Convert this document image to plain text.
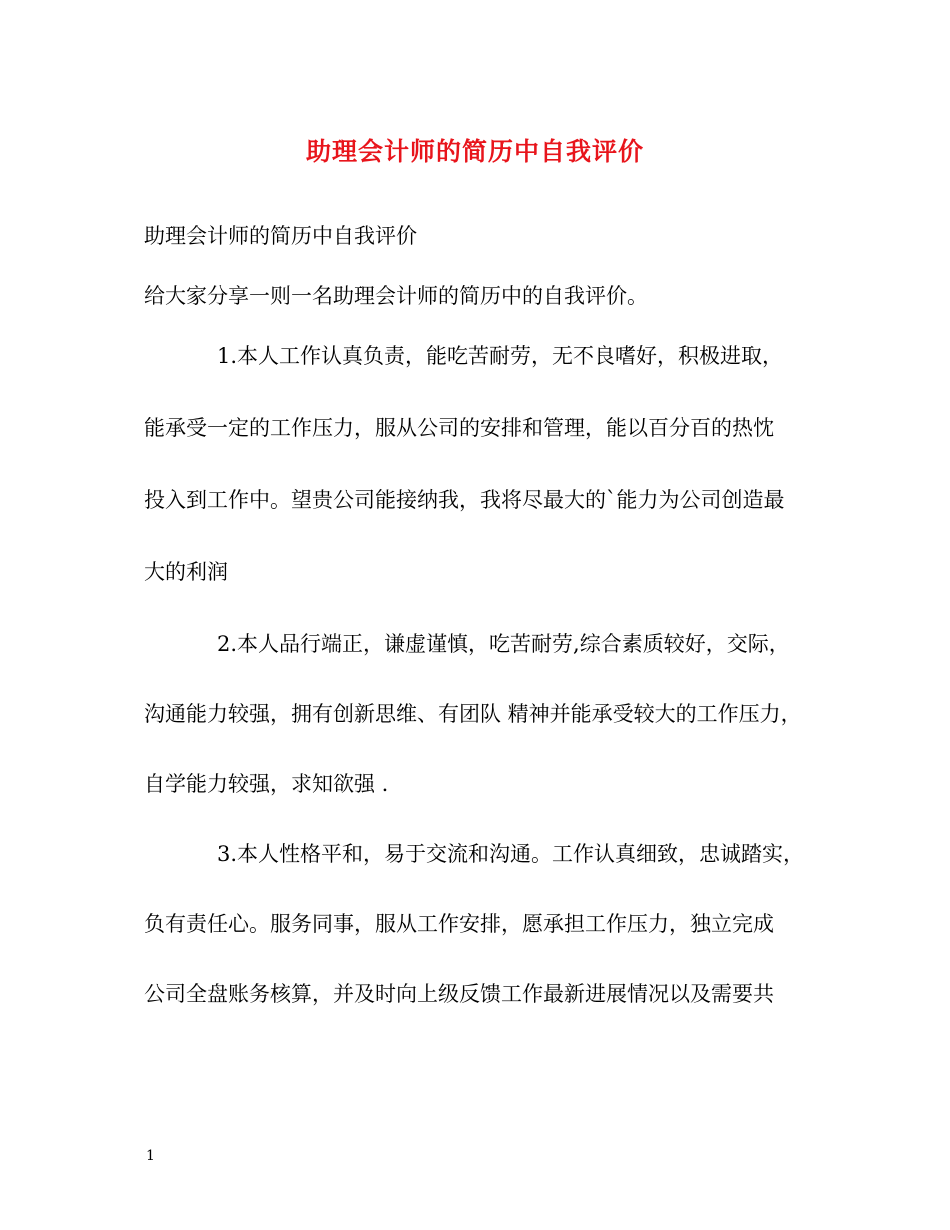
助理会计师的简历中自我评价
助理会计师的简历中自我评价
给大家分享一则一名助理会计师的简历中的自我评价。
1.本人工作认真负责，能吃苦耐劳，无不良嗜好，积极进取，
能承受一定的工作压力，服从公司的安排和管理，能以百分百的热忱
投入到工作中。望贵公司能接纳我，我将尽最大的`能力为公司创造最
大的利润
2.本人品行端正，谦虚谨慎，吃苦耐劳,综合素质较好，交际，
沟通能力较强，拥有创新思维、有团队 精神并能承受较大的工作压力，
自学能力较强，求知欲强 .
3.本人性格平和，易于交流和沟通。工作认真细致，忠诚踏实，
负有责任心。服务同事，服从工作安排，愿承担工作压力，独立完成
公司全盘账务核算，并及时向上级反馈工作最新进展情况以及需要共
1
